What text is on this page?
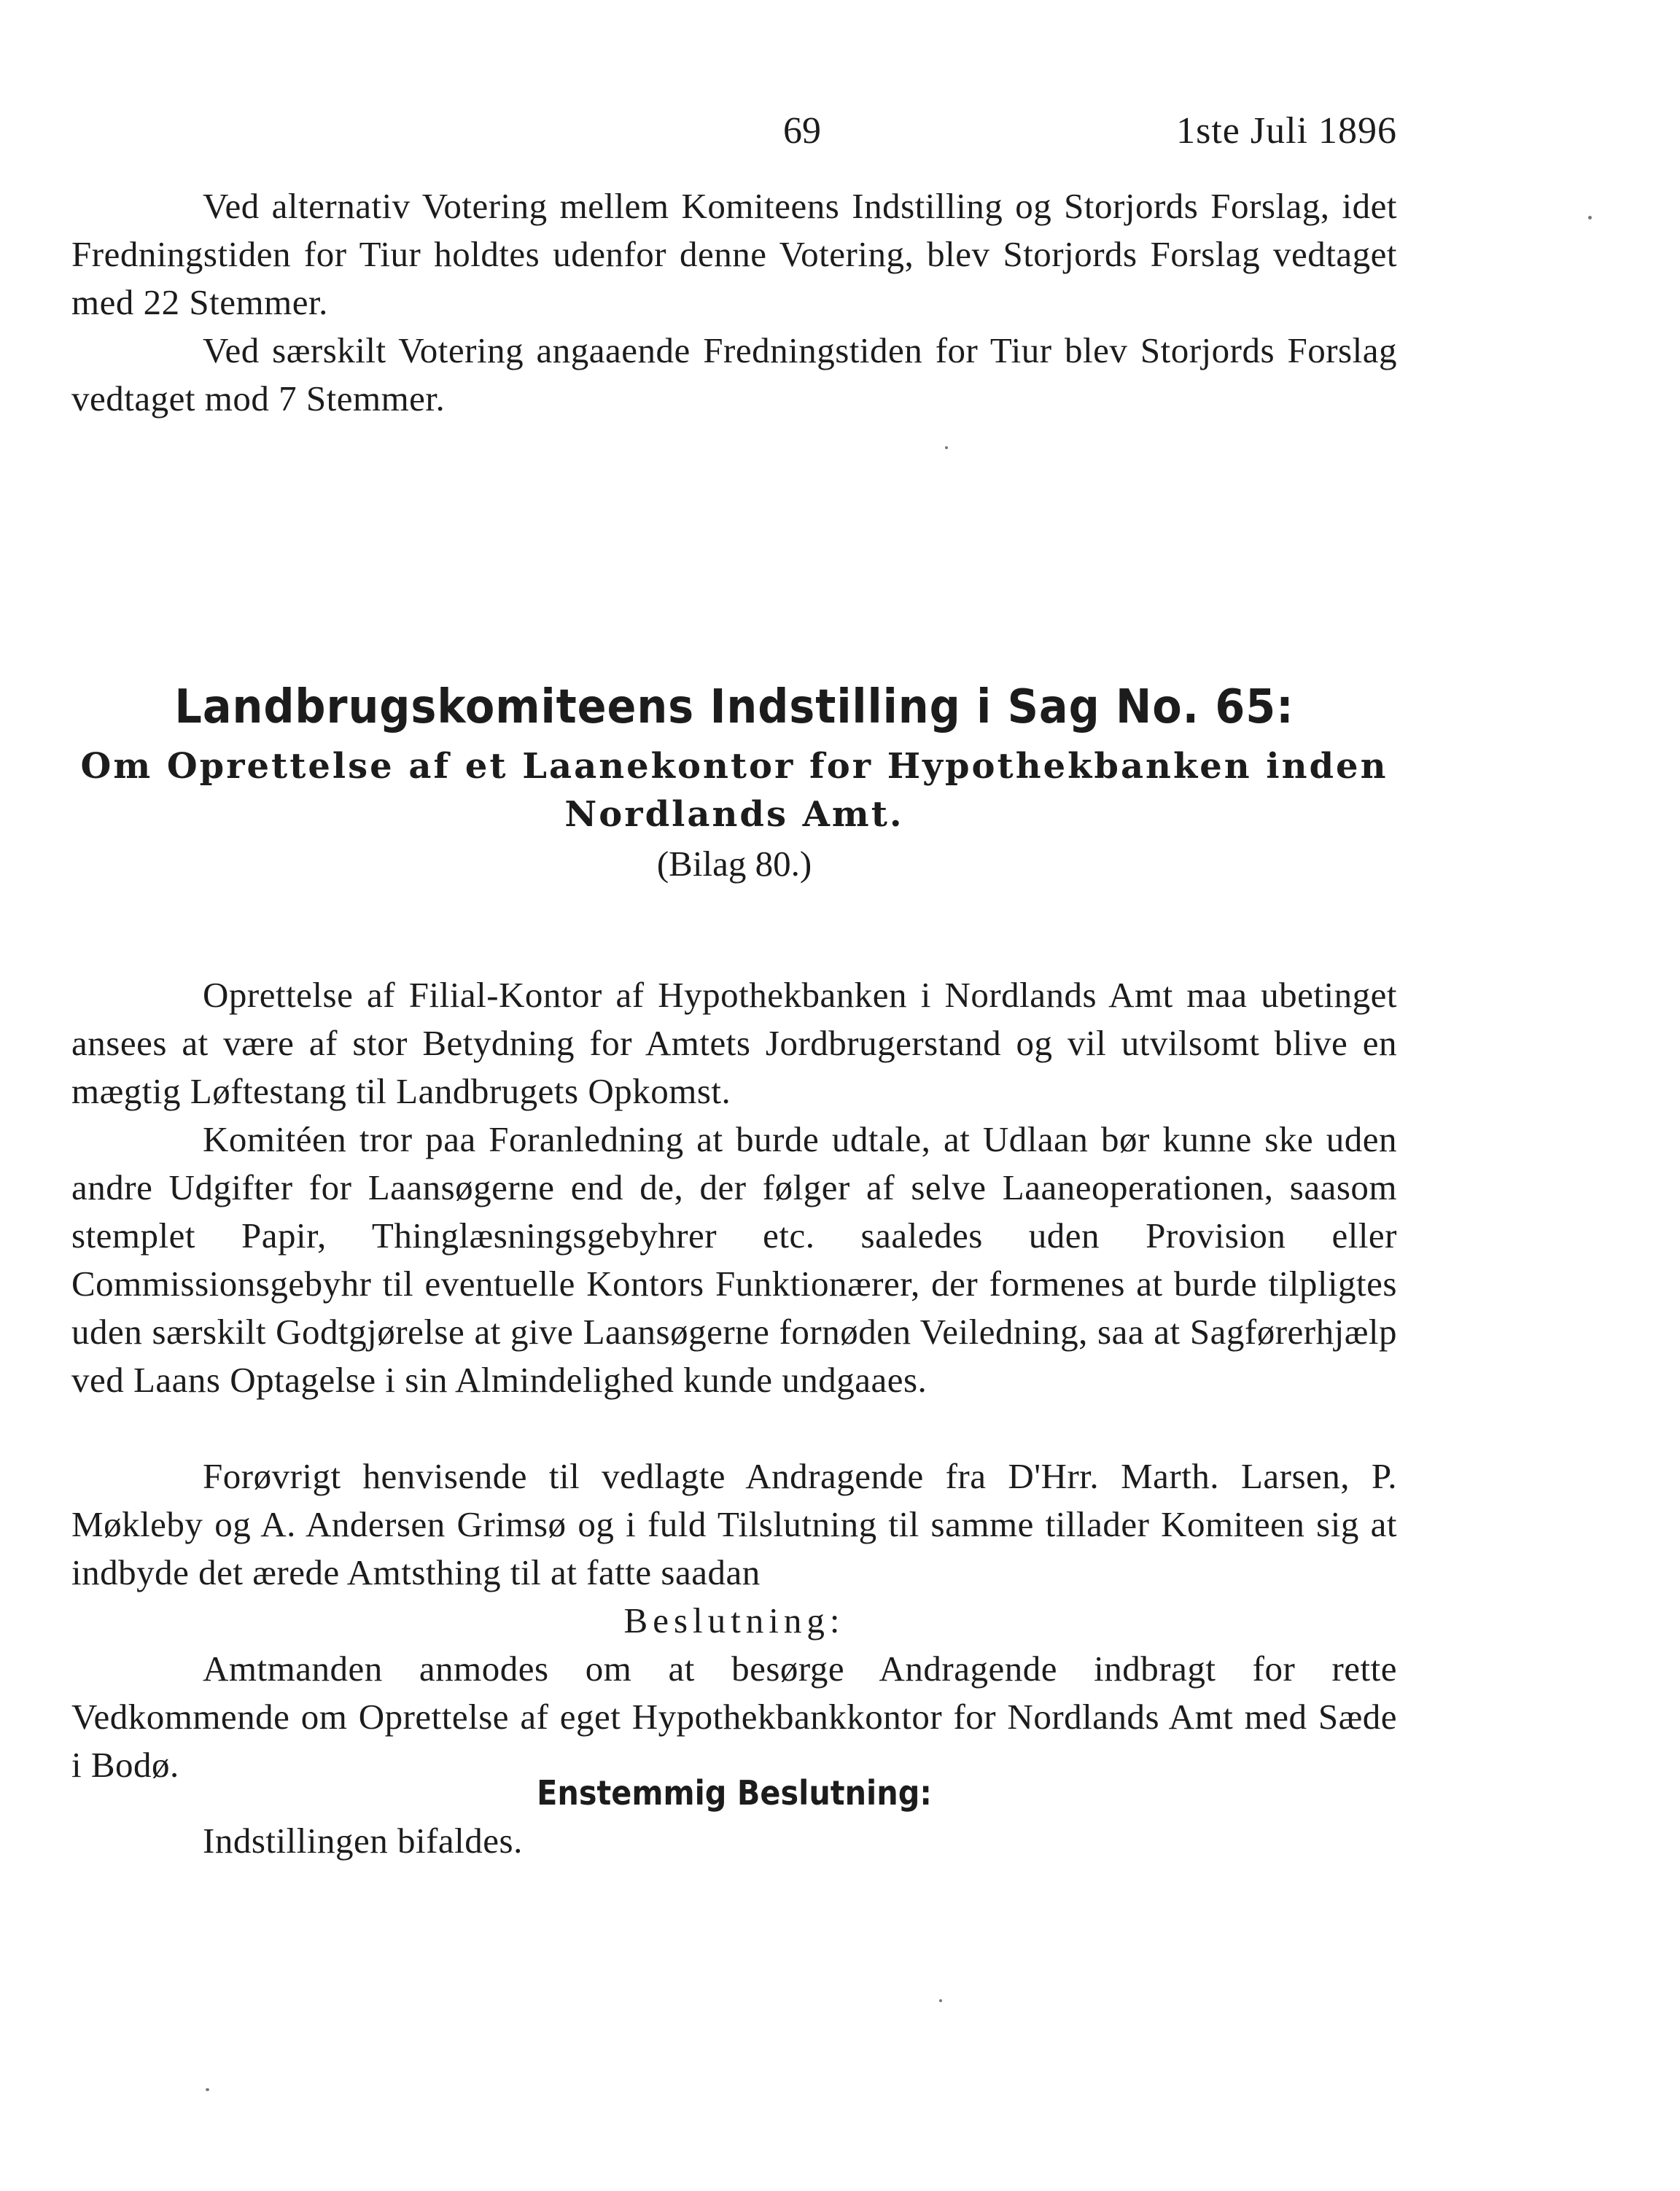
69	1ste Juli 1896

Ved alternativ Votering mellem Komiteens Indstilling og Storjords Forslag, idet Fredningstiden for Tiur holdtes udenfor denne Votering, blev Storjords Forslag vedtaget med 22 Stemmer.

Ved særskilt Votering angaaende Fredningstiden for Tiur blev Storjords Forslag vedtaget mod 7 Stemmer.

Landbrugskomiteens Indstilling i Sag No. 65:
Om Oprettelse af et Laanekontor for Hypothekbanken inden Nordlands Amt.
(Bilag 80.)

Oprettelse af Filial-Kontor af Hypothekbanken i Nordlands Amt maa ubetinget ansees at være af stor Betydning for Amtets Jordbrugerstand og vil utvilsomt blive en mægtig Løftestang til Landbrugets Opkomst.

Komitéen tror paa Foranledning at burde udtale, at Udlaan bør kunne ske uden andre Udgifter for Laansøgerne end de, der følger af selve Laaneoperationen, saasom stemplet Papir, Thinglæsningsgebyhrer etc. saaledes uden Provision eller Commissionsgebyhr til eventuelle Kontors Funktionærer, der formenes at burde tilpligtes uden særskilt Godtgjørelse at give Laansøgerne fornøden Veiledning, saa at Sagførerhjælp ved Laans Optagelse i sin Almindelighed kunde undgaaes.

Forøvrigt henvisende til vedlagte Andragende fra D'Hrr. Marth. Larsen, P. Møkleby og A. Andersen Grimsø og i fuld Tilslutning til samme tillader Komiteen sig at indbyde det ærede Amtsthing til at fatte saadan

Beslutning:

Amtmanden anmodes om at besørge Andragende indbragt for rette Vedkommende om Oprettelse af eget Hypothekbankkontor for Nordlands Amt med Sæde i Bodø.

Enstemmig Beslutning:

Indstillingen bifaldes.
